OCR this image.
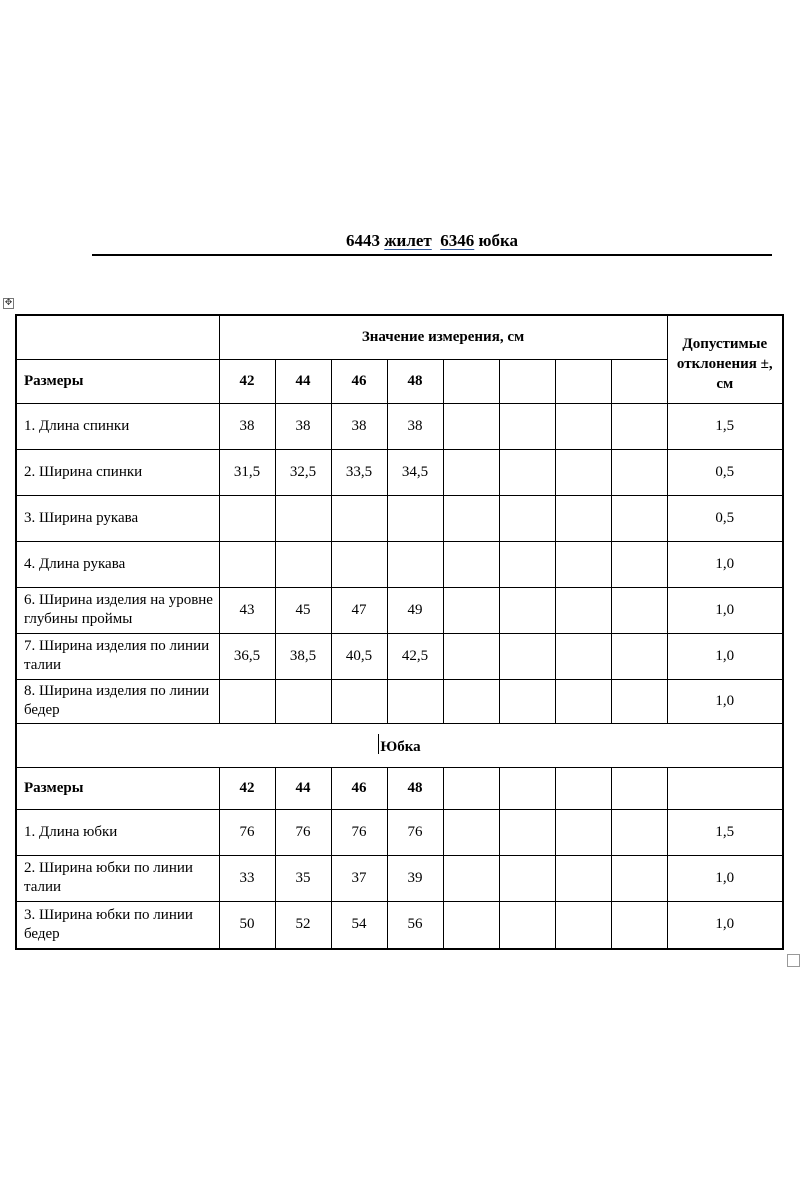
6443 жилет 6346 юбка
✥
	Значение измерения, см								Допустимые отклонения ±, см
Размеры	42	44	46	48					
1. Длина спинки	38	38	38	38					1,5
2. Ширина спинки	31,5	32,5	33,5	34,5					0,5
3. Ширина рукава									0,5
4. Длина рукава									1,0
6. Ширина изделия на уровне глубины проймы	43	45	47	49					1,0
7. Ширина изделия по линии талии	36,5	38,5	40,5	42,5					1,0
8. Ширина изделия по линии бедер									1,0
Юбка									
Размеры	42	44	46	48					
1. Длина юбки	76	76	76	76					1,5
2. Ширина юбки по линии талии	33	35	37	39					1,0
3. Ширина юбки по линии бедер	50	52	54	56					1,0
